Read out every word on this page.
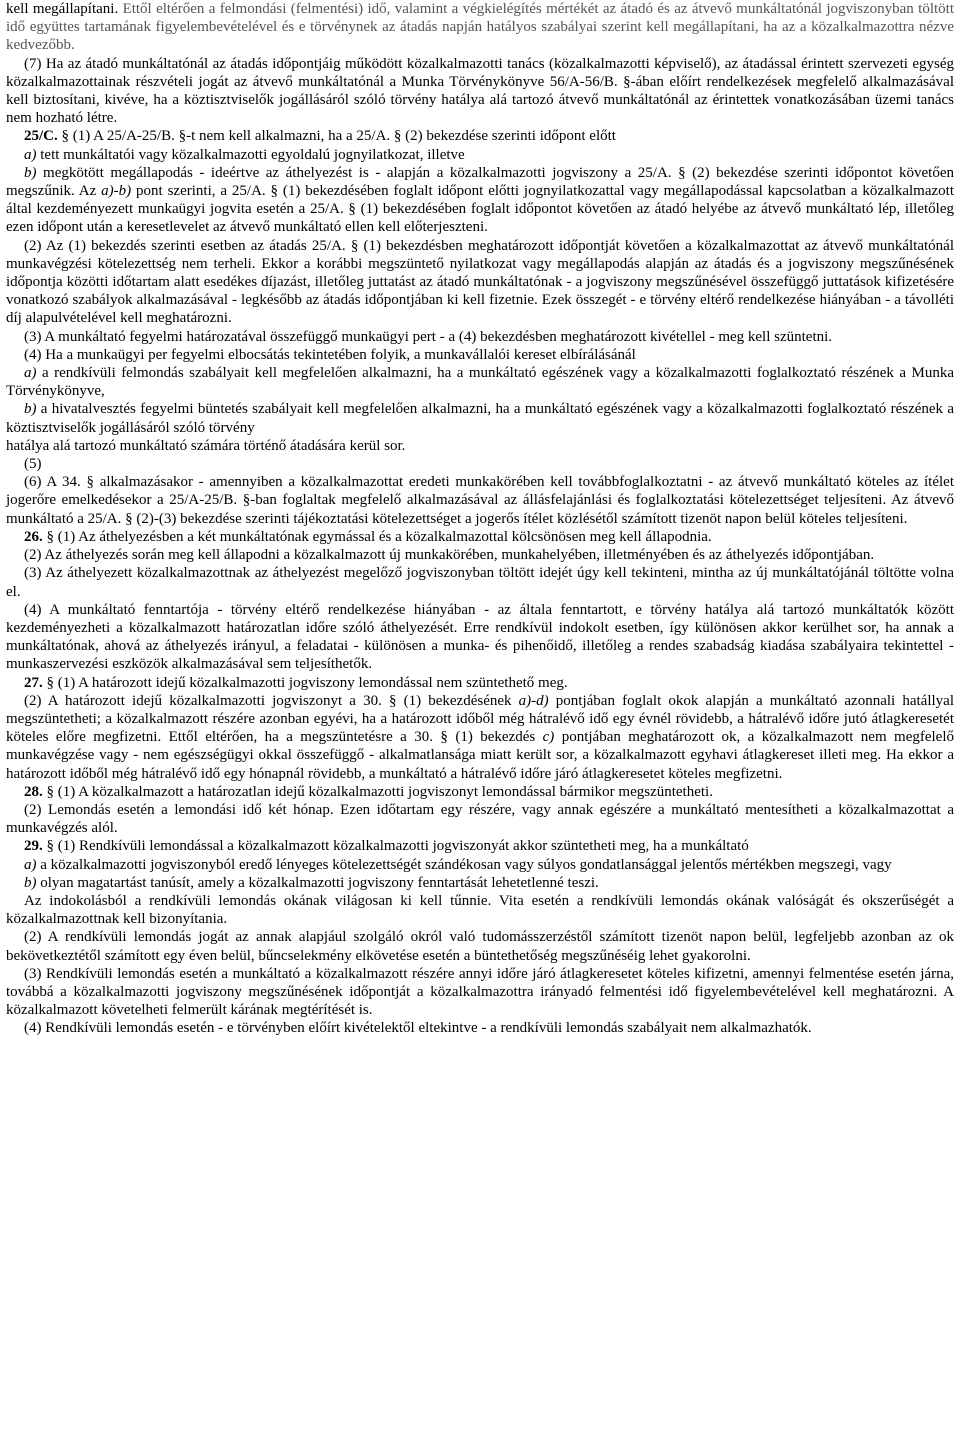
kell megállapítani. Ettől eltérően a felmondási (felmentési) idő, valamint a végkielégítés mértékét az átadó és az átvevő munkáltatónál jogviszonyban töltött idő együttes tartamának figyelembevételével és e törvénynek az átadás napján hatályos szabályai szerint kell megállapítani, ha az a közalkalmazottra nézve kedvezőbb.

(7) Ha az átadó munkáltatónál az átadás időpontjáig működött közalkalmazotti tanács (közalkalmazotti képviselő), az átadással érintett szervezeti egység közalkalmazottainak részvételi jogát az átvevő munkáltatónál a Munka Törvénykönyve 56/A-56/B. §-ában előírt rendelkezések megfelelő alkalmazásával kell biztosítani, kivéve, ha a köztisztviselők jogállásáról szóló törvény hatálya alá tartozó átvevő munkáltatónál az érintettek vonatkozásában üzemi tanács nem hozható létre.

25/C. § (1) A 25/A-25/B. §-t nem kell alkalmazni, ha a 25/A. § (2) bekezdése szerinti időpont előtt

a) tett munkáltatói vagy közalkalmazotti egyoldalú jognyilatkozat, illetve

b) megkötött megállapodás - ideértve az áthelyezést is - alapján a közalkalmazotti jogviszony a 25/A. § (2) bekezdése szerinti időpontot követően megszűnik. Az a)-b) pont szerinti, a 25/A. § (1) bekezdésében foglalt időpont előtti jognyilatkozattal vagy megállapodással kapcsolatban a közalkalmazott által kezdeményezett munkaügyi jogvita esetén a 25/A. § (1) bekezdésében foglalt időpontot követően az átadó helyébe az átvevő munkáltató lép, illetőleg ezen időpont után a keresetlevelet az átvevő munkáltató ellen kell előterjeszteni.

(2) Az (1) bekezdés szerinti esetben az átadás 25/A. § (1) bekezdésben meghatározott időpontját követően a közalkalmazottat az átvevő munkáltatónál munkavégzési kötelezettség nem terheli. Ekkor a korábbi megszüntető nyilatkozat vagy megállapodás alapján az átadás és a jogviszony megszűnésének időpontja közötti időtartam alatt esedékes díjazást, illetőleg juttatást az átadó munkáltatónak - a jogviszony megszűnésével összefüggő juttatások kifizetésére vonatkozó szabályok alkalmazásával - legkésőbb az átadás időpontjában ki kell fizetnie. Ezek összegét - e törvény eltérő rendelkezése hiányában - a távolléti díj alapulvételével kell meghatározni.

(3) A munkáltató fegyelmi határozatával összefüggő munkaügyi pert - a (4) bekezdésben meghatározott kivétellel - meg kell szüntetni.

(4) Ha a munkaügyi per fegyelmi elbocsátás tekintetében folyik, a munkavállalói kereset elbírálásánál

a) a rendkívüli felmondás szabályait kell megfelelően alkalmazni, ha a munkáltató egészének vagy a közalkalmazotti foglalkoztató részének a Munka Törvénykönyve,

b) a hivatalvesztés fegyelmi büntetés szabályait kell megfelelően alkalmazni, ha a munkáltató egészének vagy a közalkalmazotti foglalkoztató részének a köztisztviselők jogállásáról szóló törvény

hatálya alá tartozó munkáltató számára történő átadására kerül sor.

(5)

(6) A 34. § alkalmazásakor - amennyiben a közalkalmazottat eredeti munkakörében kell továbbfoglalkoztatni - az átvevő munkáltató köteles az ítélet jogerőre emelkedésekor a 25/A-25/B. §-ban foglaltak megfelelő alkalmazásával az állásfelajánlási és foglalkoztatási kötelezettséget teljesíteni. Az átvevő munkáltató a 25/A. § (2)-(3) bekezdése szerinti tájékoztatási kötelezettséget a jogerős ítélet közlésétől számított tizenöt napon belül köteles teljesíteni.

26. § (1) Az áthelyezésben a két munkáltatónak egymással és a közalkalmazottal kölcsönösen meg kell állapodnia.

(2) Az áthelyezés során meg kell állapodni a közalkalmazott új munkakörében, munkahelyében, illetményében és az áthelyezés időpontjában.

(3) Az áthelyezett közalkalmazottnak az áthelyezést megelőző jogviszonyban töltött idejét úgy kell tekinteni, mintha az új munkáltatójánál töltötte volna el.

(4) A munkáltató fenntartója - törvény eltérő rendelkezése hiányában - az általa fenntartott, e törvény hatálya alá tartozó munkáltatók között kezdeményezheti a közalkalmazott határozatlan időre szóló áthelyezését. Erre rendkívül indokolt esetben, így különösen akkor kerülhet sor, ha annak a munkáltatónak, ahová az áthelyezés irányul, a feladatai - különösen a munka- és pihenőidő, illetőleg a rendes szabadság kiadása szabályaira tekintettel - munkaszervezési eszközök alkalmazásával sem teljesíthetők.

27. § (1) A határozott idejű közalkalmazotti jogviszony lemondással nem szüntethető meg.

(2) A határozott idejű közalkalmazotti jogviszonyt a 30. § (1) bekezdésének a)-d) pontjában foglalt okok alapján a munkáltató azonnali hatállyal megszüntetheti; a közalkalmazott részére azonban egyévi, ha a határozott időből még hátralévő idő egy évnél rövidebb, a hátralévő időre jutó átlagkeresetét köteles előre megfizetni. Ettől eltérően, ha a megszüntetésre a 30. § (1) bekezdés c) pontjában meghatározott ok, a közalkalmazott nem megfelelő munkavégzése vagy - nem egészségügyi okkal összefüggő - alkalmatlansága miatt került sor, a közalkalmazott egyhavi átlagkereset illeti meg. Ha ekkor a határozott időből még hátralévő idő egy hónapnál rövidebb, a munkáltató a hátralévő időre járó átlagkeresetet köteles megfizetni.

28. § (1) A közalkalmazott a határozatlan idejű közalkalmazotti jogviszonyt lemondással bármikor megszüntetheti.

(2) Lemondás esetén a lemondási idő két hónap. Ezen időtartam egy részére, vagy annak egészére a munkáltató mentesítheti a közalkalmazottat a munkavégzés alól.

29. § (1) Rendkívüli lemondással a közalkalmazott közalkalmazotti jogviszonyát akkor szüntetheti meg, ha a munkáltató

a) a közalkalmazotti jogviszonyból eredő lényeges kötelezettségét szándékosan vagy súlyos gondatlansággal jelentős mértékben megszegi, vagy

b) olyan magatartást tanúsít, amely a közalkalmazotti jogviszony fenntartását lehetetlenné teszi.

Az indokolásból a rendkívüli lemondás okának világosan ki kell tűnnie. Vita esetén a rendkívüli lemondás okának valóságát és okszerűségét a közalkalmazottnak kell bizonyítania.

(2) A rendkívüli lemondás jogát az annak alapjául szolgáló okról való tudomásszerzéstől számított tizenöt napon belül, legfeljebb azonban az ok bekövetkeztétől számított egy éven belül, bűncselekmény elkövetése esetén a büntethetőség megszűnéséig lehet gyakorolni.

(3) Rendkívüli lemondás esetén a munkáltató a közalkalmazott részére annyi időre járó átlagkeresetet köteles kifizetni, amennyi felmentése esetén járna, továbbá a közalkalmazotti jogviszony megszűnésének időpontját a közalkalmazottra irányadó felmentési idő figyelembevételével kell meghatározni. A közalkalmazott követelheti felmerült kárának megtérítését is.

(4) Rendkívüli lemondás esetén - e törvényben előírt kivételektől eltekintve - a rendkívüli lemondás szabályait nem alkalmazhatók.
